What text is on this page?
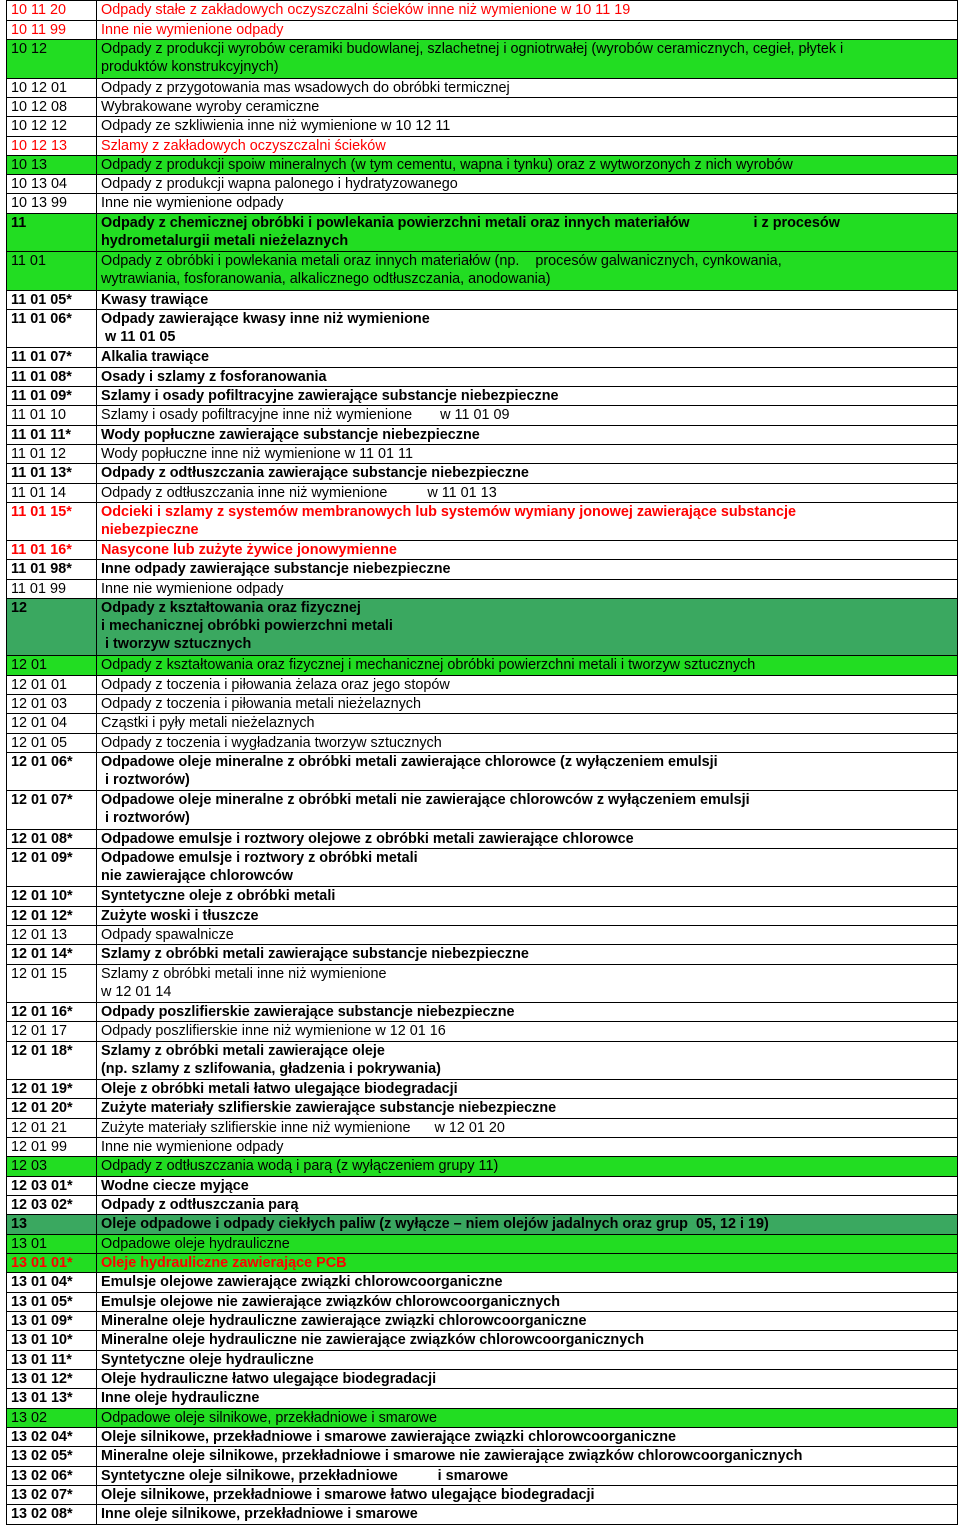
10 11 20	Odpady stałe z zakładowych oczyszczalni ścieków inne niż wymienione w 10 11 19
10 11 99	Inne nie wymienione odpady
10 12	Odpady z produkcji wyrobów ceramiki budowlanej, szlachetnej i ogniotrwałej (wyrobów ceramicznych, cegieł, płytek i
produktów konstrukcyjnych)
10 12 01	Odpady z przygotowania mas wsadowych do obróbki termicznej
10 12 08	Wybrakowane wyroby ceramiczne
10 12 12	Odpady ze szkliwienia inne niż wymienione w 10 12 11
10 12 13	Szlamy z zakładowych oczyszczalni ścieków
10 13	Odpady z produkcji spoiw mineralnych (w tym cementu, wapna i tynku) oraz z wytworzonych z nich wyrobów
10 13 04	Odpady z produkcji wapna palonego i hydratyzowanego
10 13 99	Inne nie wymienione odpady
11	Odpady z chemicznej obróbki i powlekania powierzchni metali oraz innych materiałów                i z procesów
hydrometalurgii metali nieżelaznych
11 01	Odpady z obróbki i powlekania metali oraz innych materiałów (np.    procesów galwanicznych, cynkowania,
wytrawiania, fosforanowania, alkalicznego odtłuszczania, anodowania)
11 01 05*	Kwasy trawiące
11 01 06*	Odpady zawierające kwasy inne niż wymienione
w 11 01 05
11 01 07*	Alkalia trawiące
11 01 08*	Osady i szlamy z fosforanowania
11 01 09*	Szlamy i osady pofiltracyjne zawierające substancje niebezpieczne
11 01 10	Szlamy i osady pofiltracyjne inne niż wymienione       w 11 01 09
11 01 11*	Wody popłuczne zawierające substancje niebezpieczne
11 01 12	Wody popłuczne inne niż wymienione w 11 01 11
11 01 13*	Odpady z odtłuszczania zawierające substancje niebezpieczne
11 01 14	Odpady z odtłuszczania inne niż wymienione          w 11 01 13
11 01 15*	Odcieki i szlamy z systemów membranowych lub systemów wymiany jonowej zawierające substancje
niebezpieczne
11 01 16*	Nasycone lub zużyte żywice jonowymienne
11 01 98*	Inne odpady zawierające substancje niebezpieczne
11 01 99	Inne nie wymienione odpady
12	Odpady z kształtowania oraz fizycznej
i mechanicznej obróbki powierzchni metali
i tworzyw sztucznych
12 01	Odpady z kształtowania oraz fizycznej i mechanicznej obróbki powierzchni metali i tworzyw sztucznych
12 01 01	Odpady z toczenia i piłowania żelaza oraz jego stopów
12 01 03	Odpady z toczenia i piłowania metali nieżelaznych
12 01 04	Cząstki i pyły metali nieżelaznych
12 01 05	Odpady z toczenia i wygładzania tworzyw sztucznych
12 01 06*	Odpadowe oleje mineralne z obróbki metali zawierające chlorowce (z wyłączeniem emulsji
i roztworów)
12 01 07*	Odpadowe oleje mineralne z obróbki metali nie zawierające chlorowców z wyłączeniem emulsji
i roztworów)
12 01 08*	Odpadowe emulsje i roztwory olejowe z obróbki metali zawierające chlorowce
12 01 09*	Odpadowe emulsje i roztwory z obróbki metali
nie zawierające chlorowców
12 01 10*	Syntetyczne oleje z obróbki metali
12 01 12*	Zużyte woski i tłuszcze
12 01 13	Odpady spawalnicze
12 01 14*	Szlamy z obróbki metali zawierające substancje niebezpieczne
12 01 15	Szlamy z obróbki metali inne niż wymienione
w 12 01 14
12 01 16*	Odpady poszlifierskie zawierające substancje niebezpieczne
12 01 17	Odpady poszlifierskie inne niż wymienione w 12 01 16
12 01 18*	Szlamy z obróbki metali zawierające oleje
(np. szlamy z szlifowania, gładzenia i pokrywania)
12 01 19*	Oleje z obróbki metali łatwo ulegające biodegradacji
12 01 20*	Zużyte materiały szlifierskie zawierające substancje niebezpieczne
12 01 21	Zużyte materiały szlifierskie inne niż wymienione      w 12 01 20
12 01 99	Inne nie wymienione odpady
12 03	Odpady z odtłuszczania wodą i parą (z wyłączeniem grupy 11)
12 03 01*	Wodne ciecze myjące
12 03 02*	Odpady z odtłuszczania parą
13	Oleje odpadowe i odpady ciekłych paliw (z wyłącze – niem olejów jadalnych oraz grup  05, 12 i 19)
13 01	Odpadowe oleje hydrauliczne
13 01 01*	Oleje hydrauliczne zawierające PCB
13 01 04*	Emulsje olejowe zawierające związki chlorowcoorganiczne
13 01 05*	Emulsje olejowe nie zawierające związków chlorowcoorganicznych
13 01 09*	Mineralne oleje hydrauliczne zawierające związki chlorowcoorganiczne
13 01 10*	Mineralne oleje hydrauliczne nie zawierające związków chlorowcoorganicznych
13 01 11*	Syntetyczne oleje hydrauliczne
13 01 12*	Oleje hydrauliczne łatwo ulegające biodegradacji
13 01 13*	Inne oleje hydrauliczne
13 02	Odpadowe oleje silnikowe, przekładniowe i smarowe
13 02 04*	Oleje silnikowe, przekładniowe i smarowe zawierające związki chlorowcoorganiczne
13 02 05*	Mineralne oleje silnikowe, przekładniowe i smarowe nie zawierające związków chlorowcoorganicznych
13 02 06*	Syntetyczne oleje silnikowe, przekładniowe          i smarowe
13 02 07*	Oleje silnikowe, przekładniowe i smarowe łatwo ulegające biodegradacji
13 02 08*	Inne oleje silnikowe, przekładniowe i smarowe
